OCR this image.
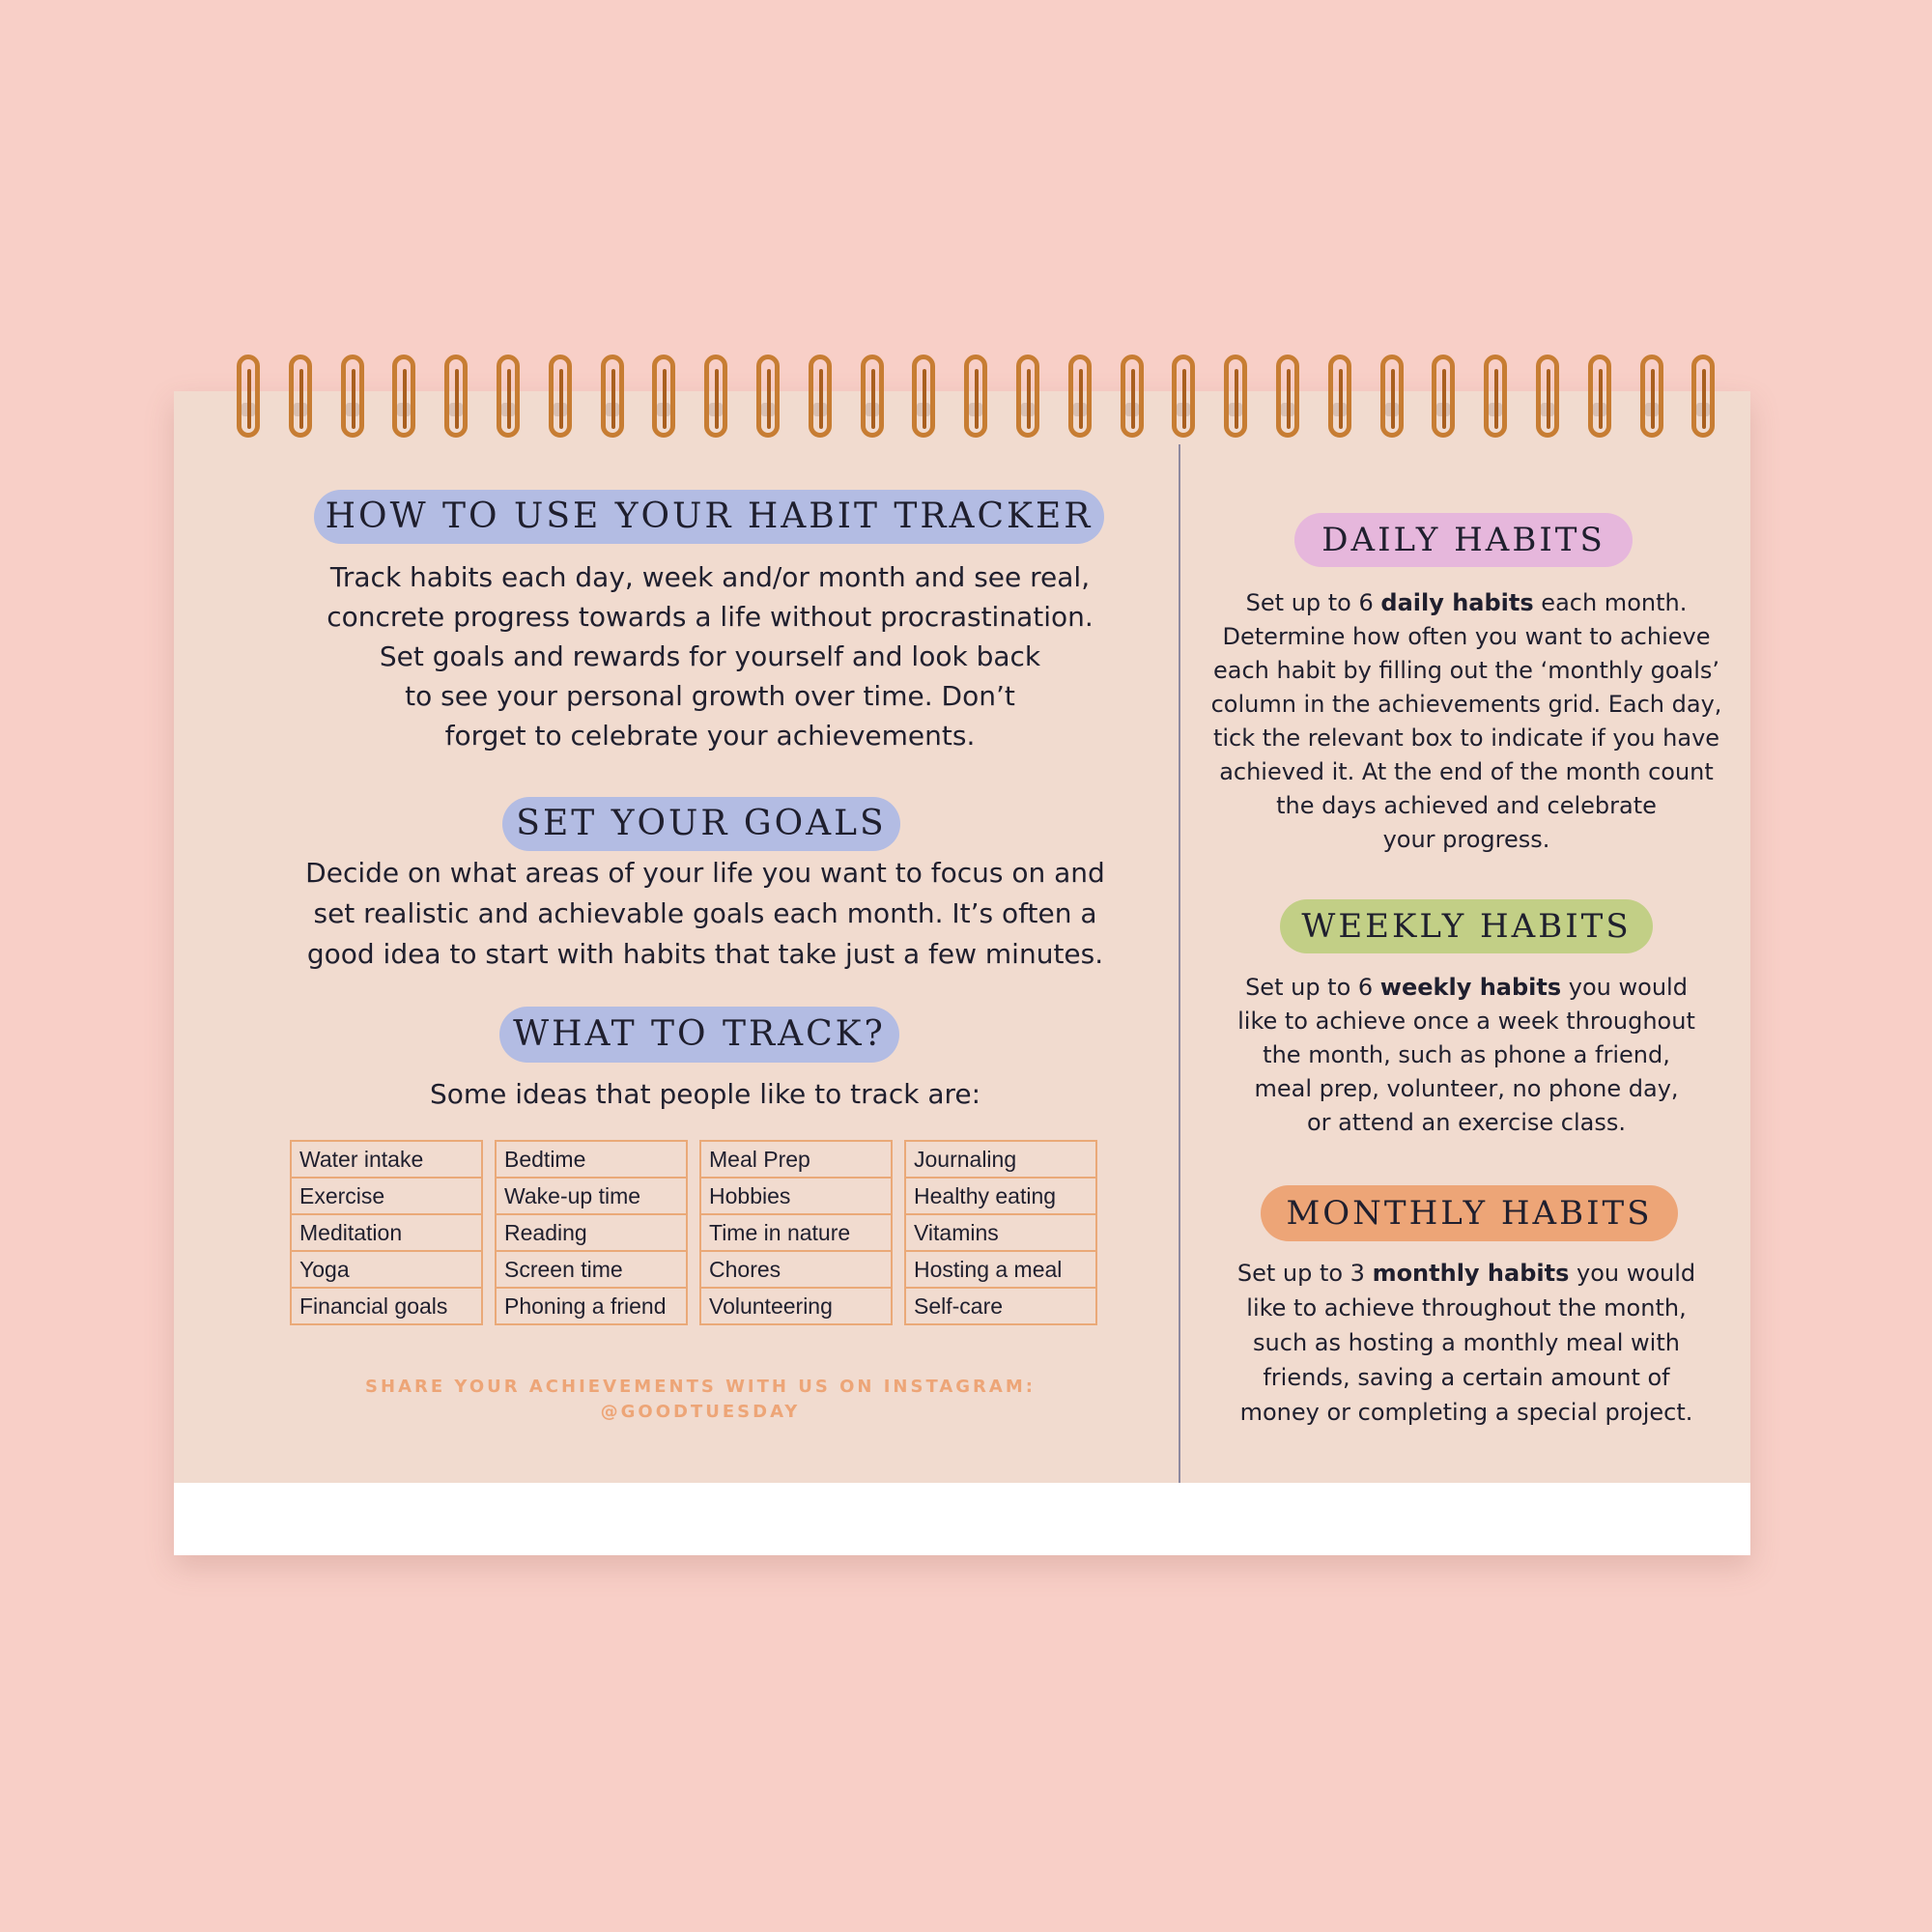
HOW TO USE YOUR HABIT TRACKER
Track habits each day, week and/or month and see real,
concrete progress towards a life without procrastination.
Set goals and rewards for yourself and look back
to see your personal growth over time. Don’t
forget to celebrate your achievements.
SET YOUR GOALS
Decide on what areas of your life you want to focus on and
set realistic and achievable goals each month. It’s often a
good idea to start with habits that take just a few minutes.
WHAT TO TRACK?
Some ideas that people like to track are:
Water intake
Exercise
Meditation
Yoga
Financial goals
Bedtime
Wake-up time
Reading
Screen time
Phoning a friend
Meal Prep
Hobbies
Time in nature
Chores
Volunteering
Journaling
Healthy eating
Vitamins
Hosting a meal
Self-care
SHARE YOUR ACHIEVEMENTS WITH US ON INSTAGRAM:
@GOODTUESDAY
DAILY HABITS
Set up to 6 daily habits each month.
Determine how often you want to achieve
each habit by filling out the ‘monthly goals’
column in the achievements grid. Each day,
tick the relevant box to indicate if you have
achieved it. At the end of the month count
the days achieved and celebrate
your progress.
WEEKLY HABITS
Set up to 6 weekly habits you would
like to achieve once a week throughout
the month, such as phone a friend,
meal prep, volunteer, no phone day,
or attend an exercise class.
MONTHLY HABITS
Set up to 3 monthly habits you would
like to achieve throughout the month,
such as hosting a monthly meal with
friends, saving a certain amount of
money or completing a special project.
